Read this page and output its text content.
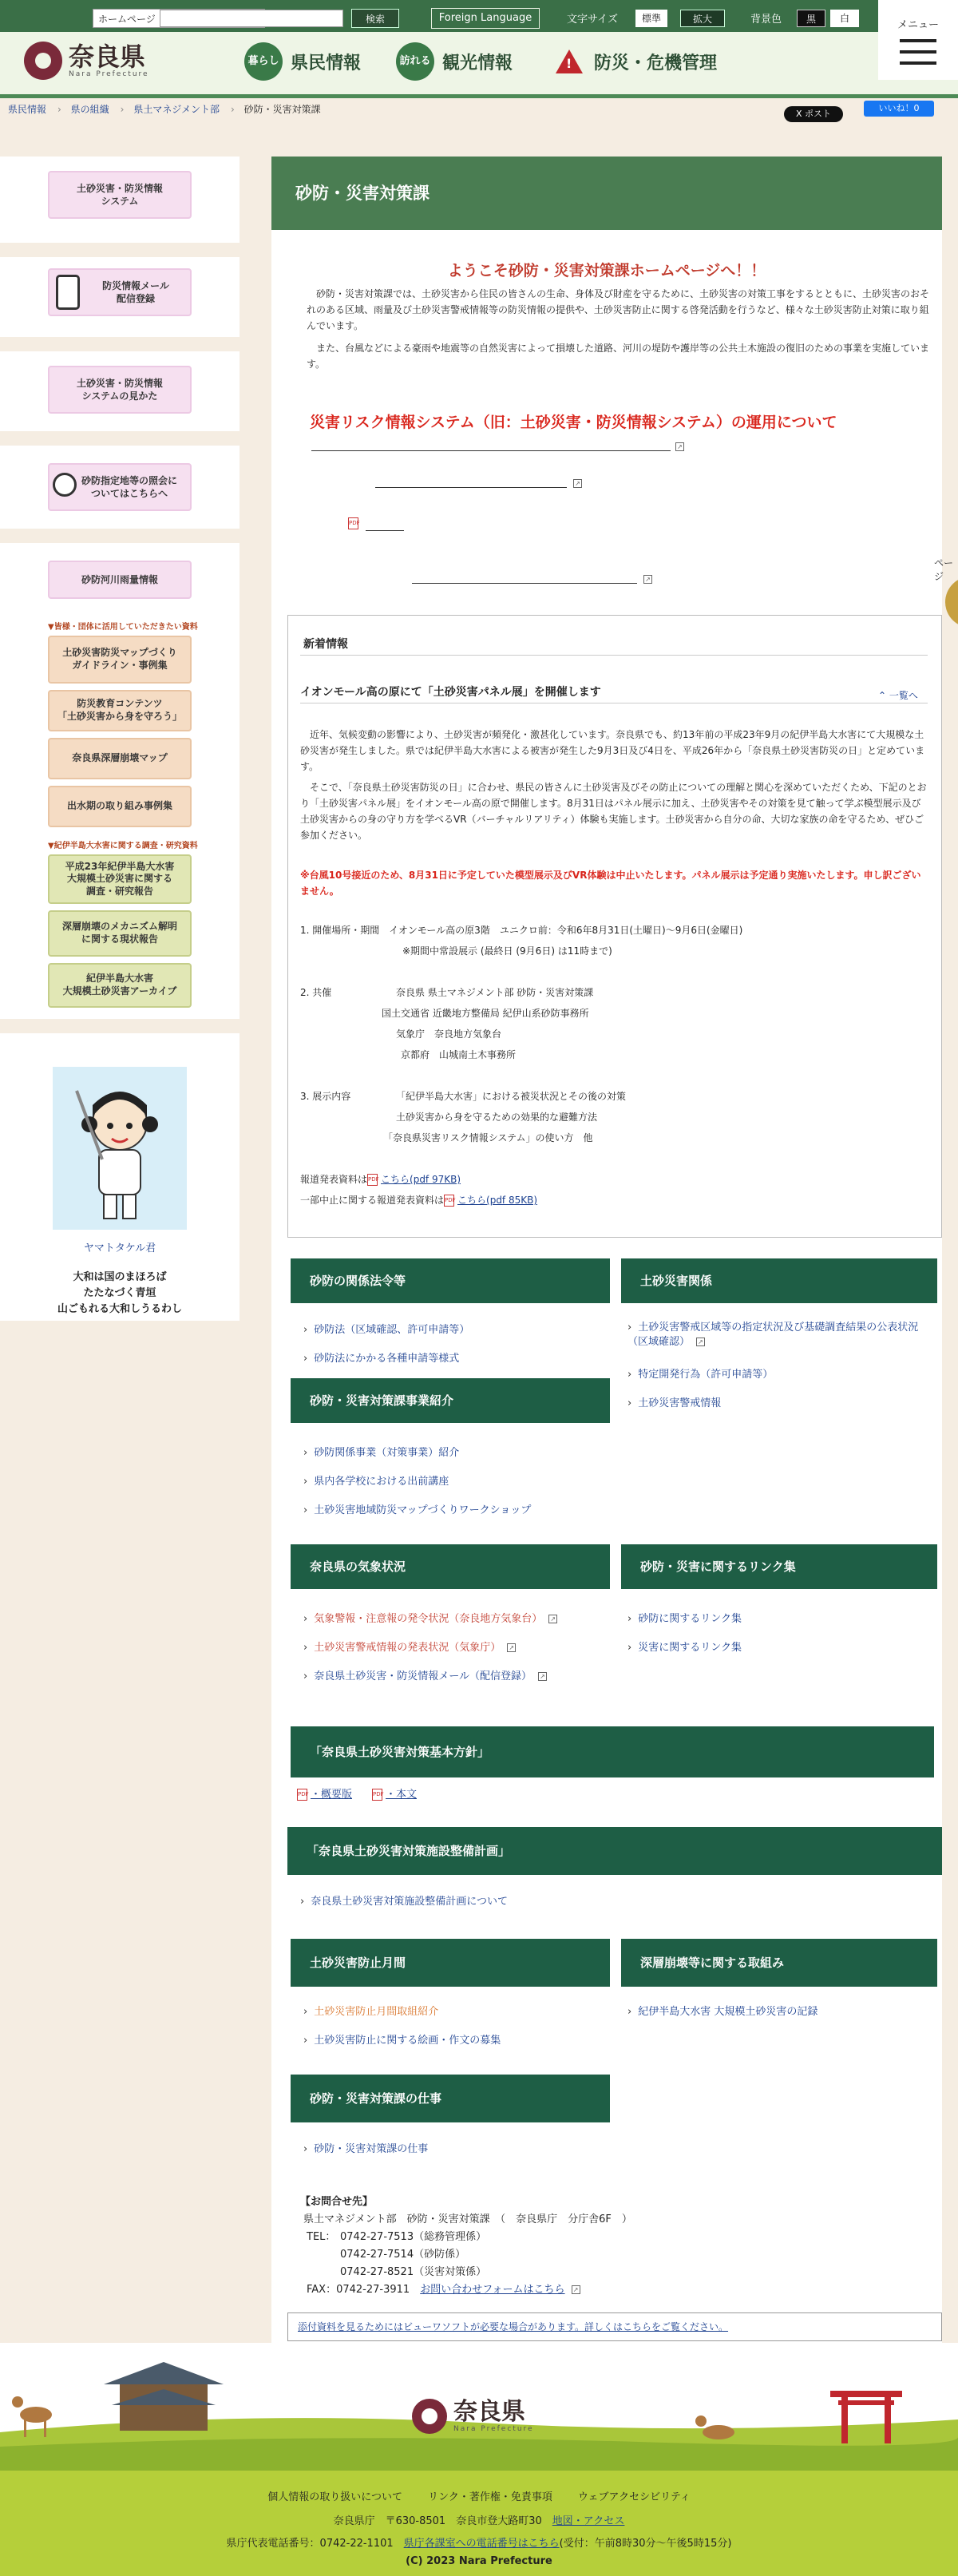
ホームページ	検索	Foreign Language	文字サイズ	標準	拡大	背景色	黒	白
奈良県
Nara Prefecture
暮らし 県民情報	訪れる 観光情報	! 防災・危機管理
メニュー
県民情報 › 県の組織 › 県土マネジメント部 › 砂防・災害対策課	X ポスト
いいね！0
土砂災害・防災情報
システム
防災情報メール
配信登録
土砂災害・防災情報
システムの見かた
砂防指定地等の照会に
ついてはこちらへ
砂防河川雨量情報
▼皆様・団体に活用していただきたい資料
土砂災害防災マップづくり
ガイドライン・事例集
防災教育コンテンツ
「土砂災害から身を守ろう」
奈良県深層崩壊マップ
出水期の取り組み事例集
▼紀伊半島大水害に関する調査・研究資料
平成23年紀伊半島大水害
大規模土砂災害に関する
調査・研究報告
深層崩壊のメカニズム解明
に関する現状報告
紀伊半島大水害
大規模土砂災害アーカイブ
ヤマトタケル君
大和は国のまほろば
たたなづく青垣
山ごもれる大和しうるわし
砂防・災害対策課
ようこそ砂防・災害対策課ホームページへ！！
　砂防・災害対策課では、土砂災害から住民の皆さんの生命、身体及び財産を守るために、土砂災害の対策工事をするとともに、土砂災害のおそれのある区域、雨量及び土砂災害警戒情報等の防災情報の提供や、土砂災害防止に関する啓発活動を行うなど、様々な土砂災害防止対策に取り組んでいます。
　また、台風などによる豪雨や地震等の自然災害によって損壊した道路、河川の堤防や護岸等の公共土木施設の復旧のための事業を実施しています。
災害リスク情報システム（旧：土砂災害・防災情報システム）の運用について
↗
↗
PDF
↗
新着情報
イオンモール高の原にて「土砂災害パネル展」を開催します	⌃ 一覧へ
　近年、気候変動の影響により、土砂災害が頻発化・激甚化しています。奈良県でも、約13年前の平成23年9月の紀伊半島大水害にて大規模な土砂災害が発生しました。県では紀伊半島大水害による被害が発生した9月3日及び4日を、平成26年から「奈良県土砂災害防災の日」と定めています。
　そこで、「奈良県土砂災害防災の日」に合わせ、県民の皆さんに土砂災害及びその防止についての理解と関心を深めていただくため、下記のとおり「土砂災害パネル展」をイオンモール高の原で開催します。8月31日はパネル展示に加え、土砂災害やその対策を見て触って学ぶ模型展示及び土砂災害からの身の守り方を学べるVR（バーチャルリアリティ）体験も実施します。土砂災害から自分の命、大切な家族の命を守るため、ぜひご参加ください。
※台風10号接近のため、8月31日に予定していた模型展示及びVR体験は中止いたします。パネル展示は予定通り実施いたします。申し訳ございません。
1. 開催場所・期間　イオンモール高の原3階　ユニクロ前：令和6年8月31日(土曜日)～9月6日(金曜日)
※期間中常設展示 (最終日 (9月6日) は11時まで)
2. 共催	奈良県 県土マネジメント部 砂防・災害対策課
国土交通省 近畿地方整備局 紀伊山系砂防事務所
気象庁　奈良地方気象台
京都府　山城南土木事務所
3. 展示内容	「紀伊半島大水害」における被災状況とその後の対策
土砂災害から身を守るための効果的な避難方法
「奈良県災害リスク情報システム」の使い方　他
報道発表資料はPDF こちら(pdf 97KB)
一部中止に関する報道発表資料はPDF こちら(pdf 85KB)
砂防の関係法令等
› 砂防法（区域確認、許可申請等）
› 砂防法にかかる各種申請等様式
土砂災害関係
› 土砂災害警戒区域等の指定状況及び基礎調査結果の公表状況（区域確認） ↗
› 特定開発行為（許可申請等）
› 土砂災害警戒情報
砂防・災害対策課事業紹介
› 砂防関係事業（対策事業）紹介
› 県内各学校における出前講座
› 土砂災害地域防災マップづくりワークショップ
奈良県の気象状況
› 気象警報・注意報の発令状況（奈良地方気象台） ↗
› 土砂災害警戒情報の発表状況（気象庁） ↗
› 奈良県土砂災害・防災情報メール（配信登録） ↗
砂防・災害に関するリンク集
› 砂防に関するリンク集
› 災害に関するリンク集
「奈良県土砂災害対策基本方針」
PDF ・概要版	PDF ・本文
「奈良県土砂災害対策施設整備計画」
› 奈良県土砂災害対策施設整備計画について
土砂災害防止月間
› 土砂災害防止月間取組紹介
› 土砂災害防止に関する絵画・作文の募集
深層崩壊等に関する取組み
› 紀伊半島大水害 大規模土砂災害の記録
砂防・災害対策課の仕事
› 砂防・災害対策課の仕事
【お問合せ先】
県土マネジメント部　砂防・災害対策課　（　奈良県庁　分庁舎6F　）
TEL： 0742-27-7513（総務管理係）
0742-27-7514（砂防係）
0742-27-8521（災害対策係）
FAX：0742-27-3911　 お問い合わせフォームはこちら ↗
添付資料を見るためにはビューワソフトが必要な場合があります。詳しくはこちらをご覧ください。
ページ
奈良県
Nara Prefecture
個人情報の取り扱いについて リンク・著作権・免責事項 ウェブアクセシビリティ
奈良県庁　〒630-8501　奈良市登大路町30　 地図・アクセス
県庁代表電話番号：0742-22-1101　 県庁各課室への電話番号はこちら(受付：午前8時30分～午後5時15分)
(C) 2023 Nara Prefecture
